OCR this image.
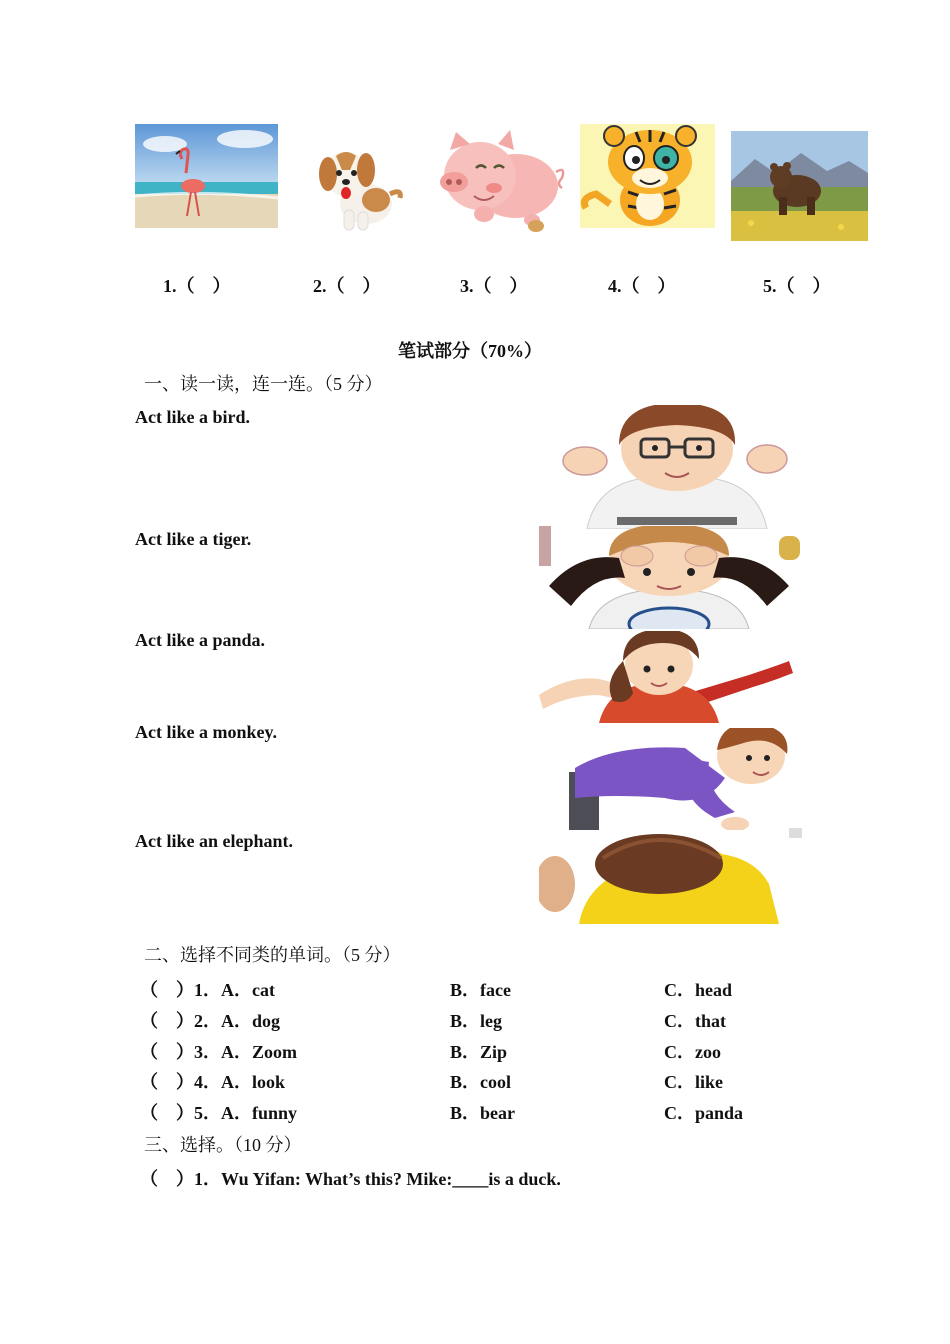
1.（　）	2.（　）	3.（　）	4.（　）	5.（　）
笔试部分（70%）
一、读一读，连一连。（5 分）
Act like a bird.
Act like a tiger.
Act like a panda.
Act like a monkey.
Act like an elephant.
二、选择不同类的单词。（5 分）
（　）1．A．cat	B．face	C．head
（　）2．A．dog	B．leg	C．that
（　）3．A．Zoom	B．Zip	C．zoo
（　）4．A．look	B．cool	C．like
（　）5．A．funny	B．bear	C．panda
三、选择。（10 分）
（　）1．Wu Yifan: What’s this? Mike:____is a duck.
